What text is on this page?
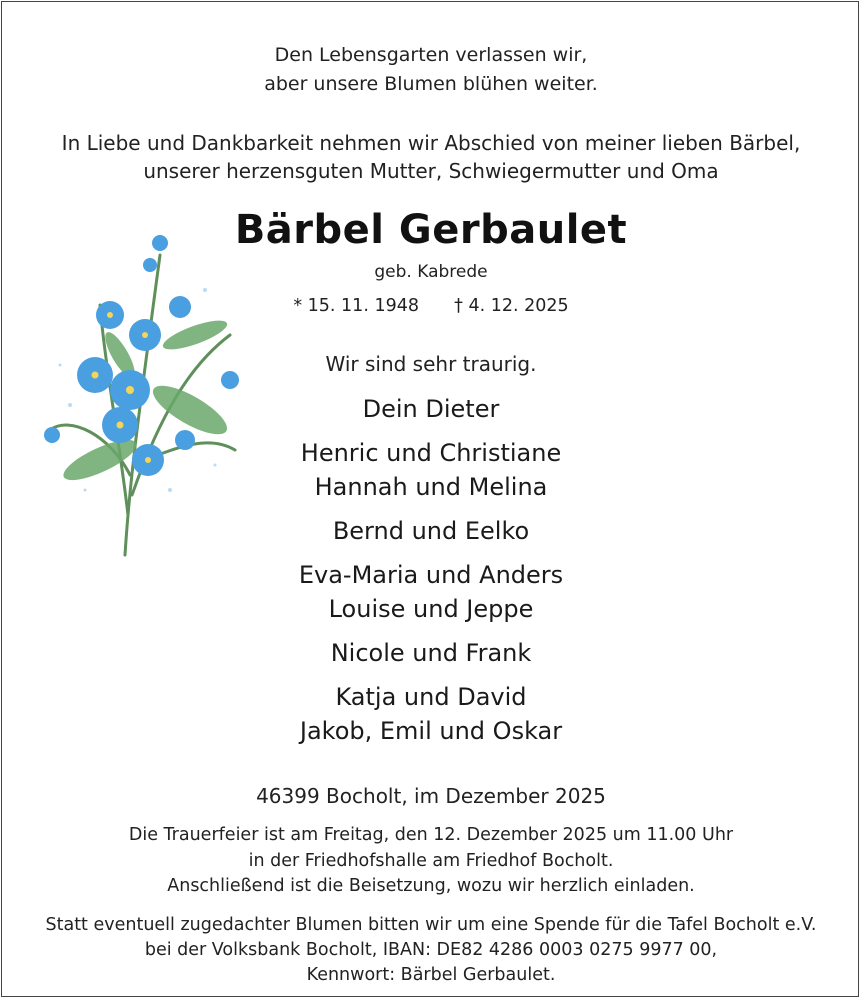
Den Lebensgarten verlassen wir,
aber unsere Blumen blühen weiter.
In Liebe und Dankbarkeit nehmen wir Abschied von meiner lieben Bärbel,
unserer herzensguten Mutter, Schwiegermutter und Oma
Bärbel Gerbaulet
geb. Kabrede
* 15. 11. 1948 † 4. 12. 2025
Wir sind sehr traurig.
Dein Dieter
Henric und Christiane
Hannah und Melina
Bernd und Eelko
Eva-Maria und Anders
Louise und Jeppe
Nicole und Frank
Katja und David
Jakob, Emil und Oskar
46399 Bocholt, im Dezember 2025
Die Trauerfeier ist am Freitag, den 12. Dezember 2025 um 11.00 Uhr
in der Friedhofshalle am Friedhof Bocholt.
Anschließend ist die Beisetzung, wozu wir herzlich einladen.
Statt eventuell zugedachter Blumen bitten wir um eine Spende für die Tafel Bocholt e.V.
bei der Volksbank Bocholt, IBAN: DE82 4286 0003 0275 9977 00,
Kennwort: Bärbel Gerbaulet.
